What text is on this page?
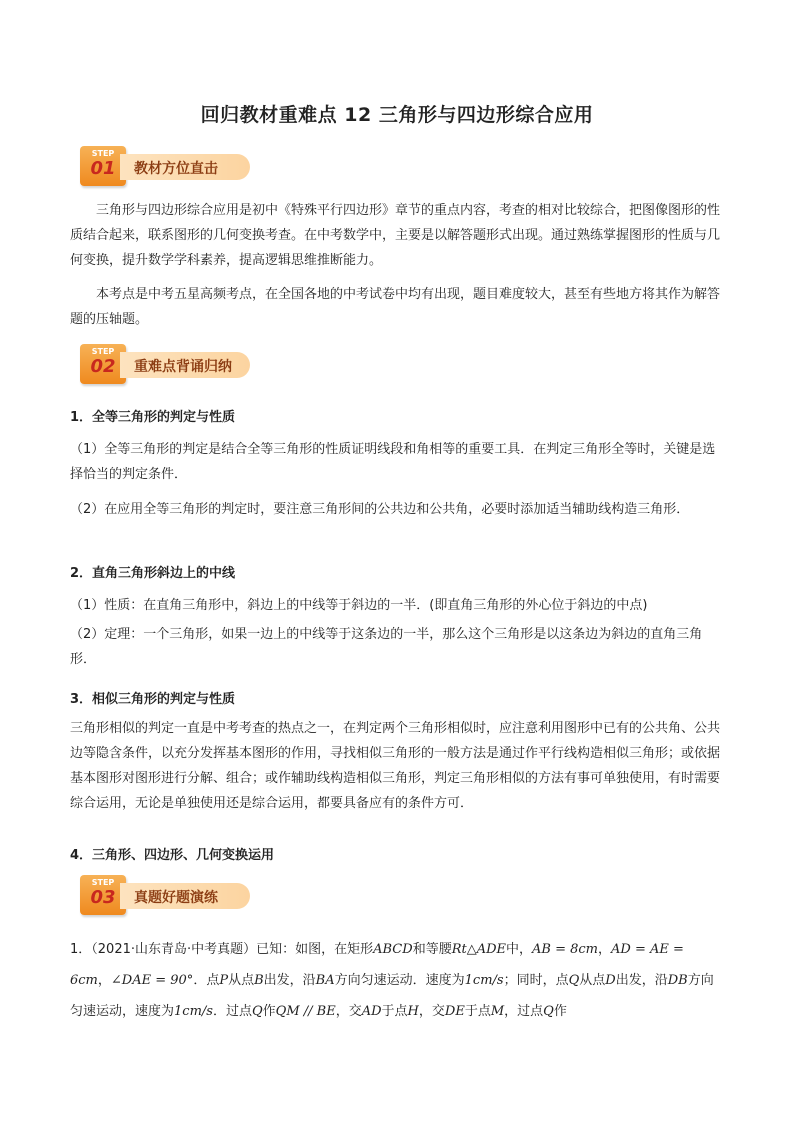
回归教材重难点 12 三角形与四边形综合应用
STEP
01	教材方位直击

三角形与四边形综合应用是初中《特殊平行四边形》章节的重点内容，考查的相对比较综合，把图像图形的性质结合起来，联系图形的几何变换考查。在中考数学中，主要是以解答题形式出现。通过熟练掌握图形的性质与几何变换，提升数学学科素养，提高逻辑思维推断能力。

本考点是中考五星高频考点，在全国各地的中考试卷中均有出现，题目难度较大，甚至有些地方将其作为解答题的压轴题。

STEP
02	重难点背诵归纳

1．全等三角形的判定与性质

（1）全等三角形的判定是结合全等三角形的性质证明线段和角相等的重要工具．在判定三角形全等时，关键是选择恰当的判定条件．

（2）在应用全等三角形的判定时，要注意三角形间的公共边和公共角，必要时添加适当辅助线构造三角形．

2．直角三角形斜边上的中线

（1）性质：在直角三角形中，斜边上的中线等于斜边的一半．(即直角三角形的外心位于斜边的中点)

（2）定理：一个三角形，如果一边上的中线等于这条边的一半，那么这个三角形是以这条边为斜边的直角三角形．

3．相似三角形的判定与性质

三角形相似的判定一直是中考考查的热点之一，在判定两个三角形相似时，应注意利用图形中已有的公共角、公共边等隐含条件，以充分发挥基本图形的作用，寻找相似三角形的一般方法是通过作平行线构造相似三角形；或依据基本图形对图形进行分解、组合；或作辅助线构造相似三角形，判定三角形相似的方法有事可单独使用，有时需要综合运用，无论是单独使用还是综合运用，都要具备应有的条件方可．

4．三角形、四边形、几何变换运用

STEP
03	真题好题演练

1．（2021·山东青岛·中考真题）已知：如图，在矩形ABCD和等腰Rt△ADE中，AB = 8cm，AD = AE = 6cm，∠DAE = 90°．点P从点B出发，沿BA方向匀速运动．速度为1cm/s；同时，点Q从点D出发，沿DB方向匀速运动，速度为1cm/s．过点Q作QM // BE，交AD于点H，交DE于点M，过点Q作
